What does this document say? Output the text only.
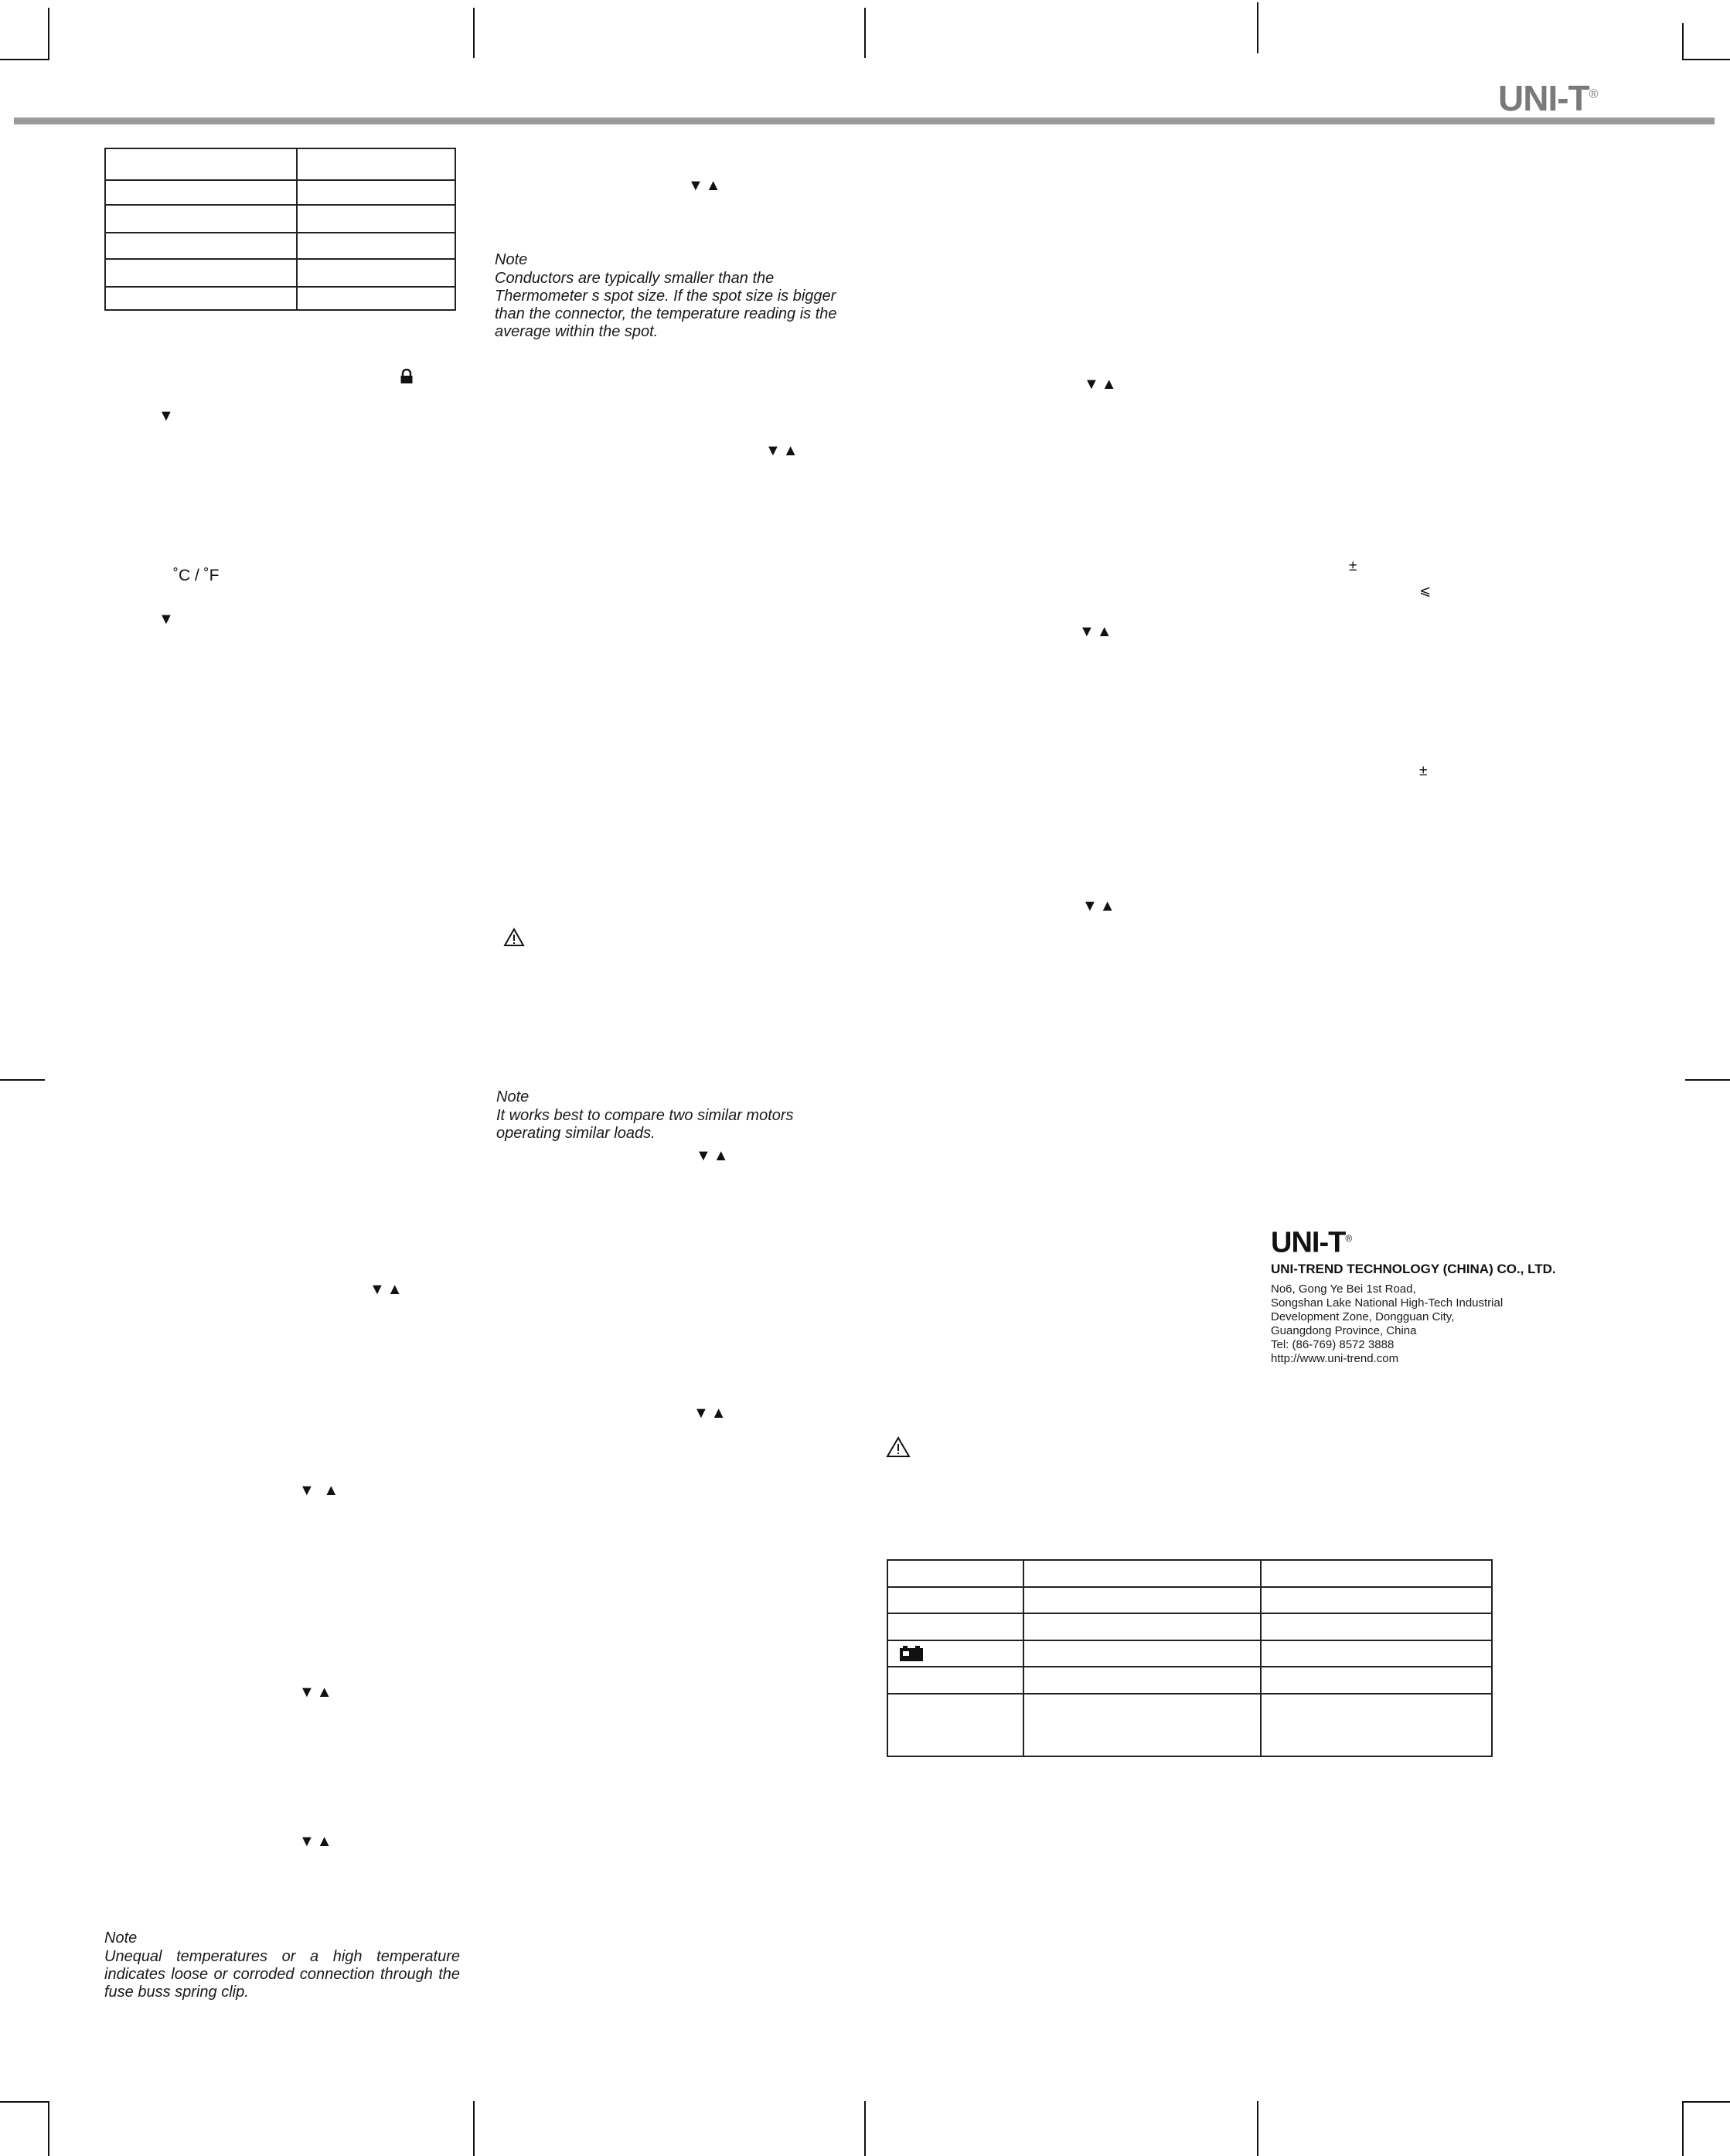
UNI-T®

▼
˚C / ˚F
▼
▼▲
▼ ▲
▼▲
▼▲
Note

Unequal temperatures or a high temperature indicates loose or corroded connection through the fuse buss spring clip.

▼▲
Note

Conductors are typically smaller than the Thermometer s spot size. If the spot size is bigger than the connector, the temperature reading is the average within the spot.

▼▲
Note

It works best to compare two similar motors operating similar loads.

▼▲
▼▲
▼▲
±
⩽
▼▲
±
▼▲
UNI-T®
UNI-TREND TECHNOLOGY (CHINA) CO., LTD.
No6, Gong Ye Bei 1st Road,
Songshan Lake National High-Tech Industrial
Development Zone, Dongguan City,
Guangdong Province, China
Tel: (86-769) 8572 3888
http://www.uni-trend.com
